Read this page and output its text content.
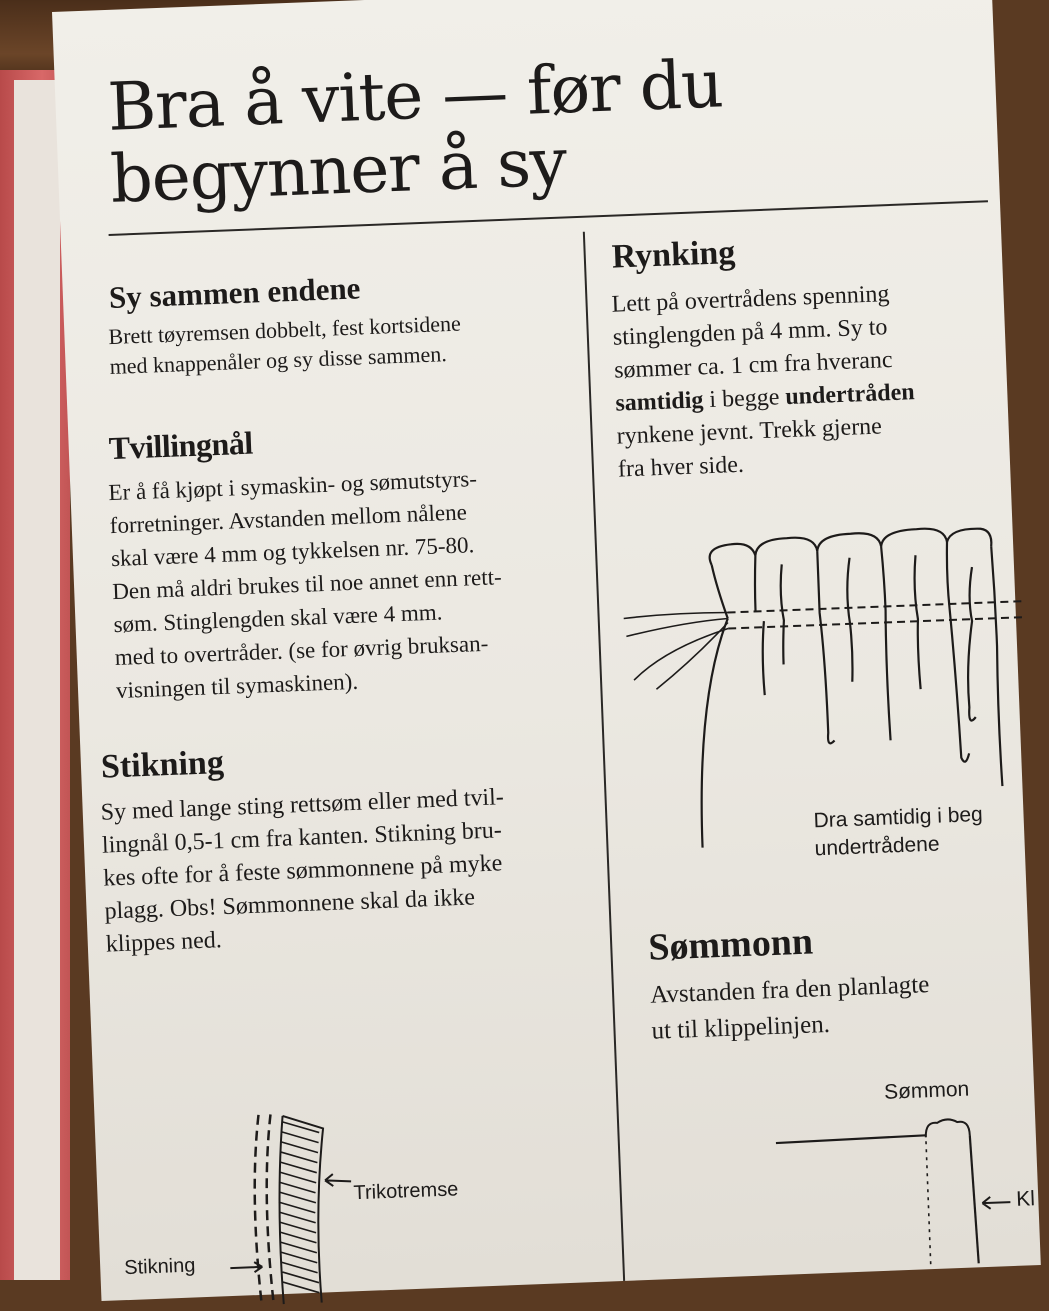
Bra å vite — før du
begynner å sy
Sy sammen endene

Brett tøyremsen dobbelt, fest kortsidene
med knappenåler og sy disse sammen.

Tvillingnål

Er å få kjøpt i symaskin- og sømutstyrs-
forretninger. Avstanden mellom nålene
skal være 4 mm og tykkelsen nr. 75-80.
Den må aldri brukes til noe annet enn rett-
søm. Stinglengden skal være 4 mm.
med to overtråder. (se for øvrig bruksan-
visningen til symaskinen).

Stikning

Sy med lange sting rettsøm eller med tvil-
lingnål 0,5-1 cm fra kanten. Stikning bru-
kes ofte for å feste sømmonnene på myke
plagg. Obs! Sømmonnene skal da ikke
klippes ned.

Trikotremse

Stikning

Rynking

Lett på overtrådens spenning
stinglengden på 4 mm. Sy to
sømmer ca. 1 cm fra hveranc
samtidig i begge undertråden
rynkene jevnt. Trekk gjerne
fra hver side.

Dra samtidig i beg
undertrådene

Sømmonn

Avstanden fra den planlagte
ut til klippelinjen.

Sømmon

Kl
